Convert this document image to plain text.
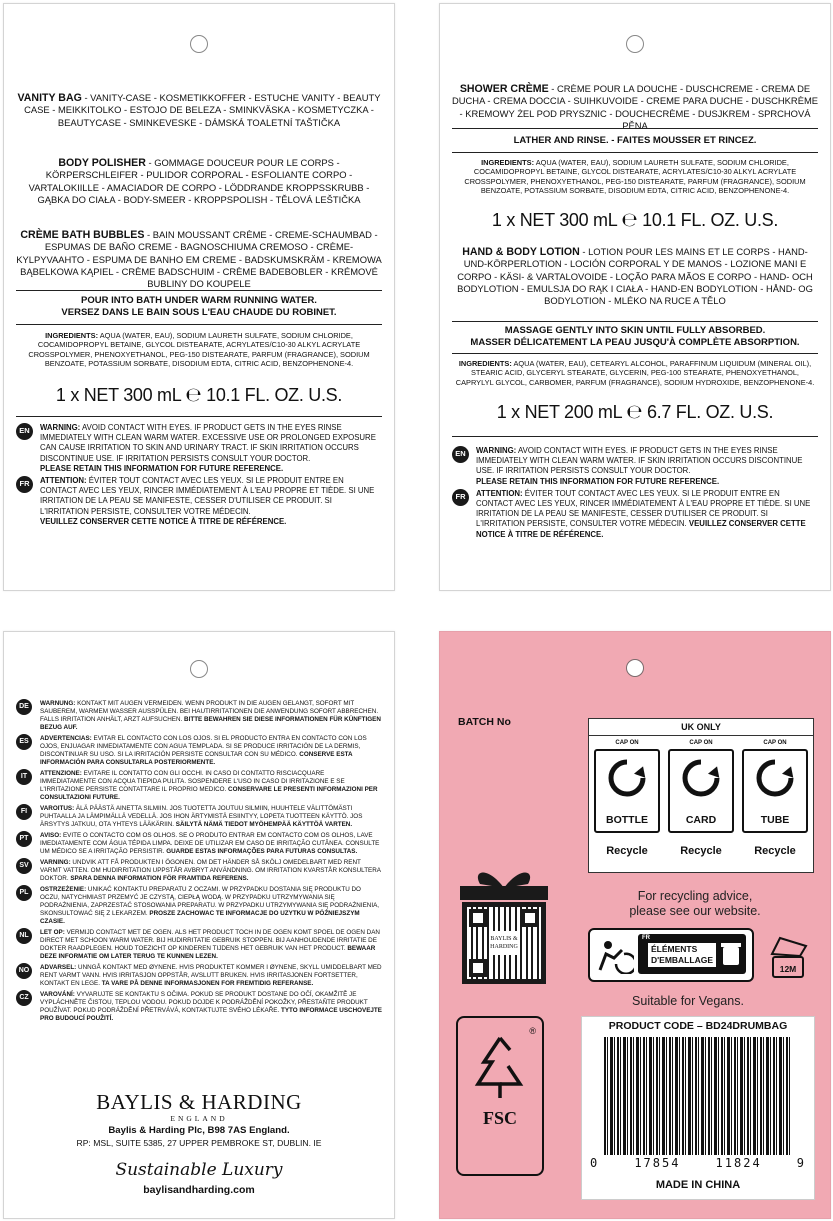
VANITY BAG - VANITY-CASE - KOSMETIKKOFFER - ESTUCHE VANITY - BEAUTY CASE - MEIKKITOLKO - ESTOJO DE BELEZA - SMINKVÄSKA - KOSMETYCZKA - BEAUTYCASE - SMINKEVESKE - DÁMSKÁ TOALETNÍ TAŠTIČKA
BODY POLISHER - GOMMAGE DOUCEUR POUR LE CORPS - KÖRPERSCHLEIFER - PULIDOR CORPORAL - ESFOLIANTE CORPO - VARTALOKIILLE - AMACIADOR DE CORPO - LÖDDRANDE KROPPSSKRUBB - GĄBKA DO CIAŁA - BODY-SMEER - KROPPSPOLISH - TĚLOVÁ LEŠTIČKA
CRÈME BATH BUBBLES - BAIN MOUSSANT CRÈME - CREME-SCHAUMBAD - ESPUMAS DE BAÑO CREME - BAGNOSCHIUMA CREMOSO - CRÈME-KYLPYVAAHTO - ESPUMA DE BANHO EM CREME - BADSKUMSKRÄM - KREMOWA BĄBELKOWA KĄPIEL - CRÈME BADSCHUIM - CRÈME BADEBOBLER - KRÉMOVÉ BUBLINY DO KOUPELE
POUR INTO BATH UNDER WARM RUNNING WATER.
VERSEZ DANS LE BAIN SOUS L'EAU CHAUDE DU ROBINET.
INGREDIENTS: AQUA (WATER, EAU), SODIUM LAURETH SULFATE, SODIUM CHLORIDE, COCAMIDOPROPYL BETAINE, GLYCOL DISTEARATE, ACRYLATES/C10-30 ALKYL ACRYLATE CROSSPOLYMER, PHENOXYETHANOL, PEG-150 DISTEARATE, PARFUM (FRAGRANCE), SODIUM BENZOATE, POTASSIUM SORBATE, DISODIUM EDTA, CITRIC ACID, BENZOPHENONE-4.
1 x NET 300 mL ℮ 10.1 FL. OZ. U.S.

EN	WARNING: AVOID CONTACT WITH EYES. IF PRODUCT GETS IN THE EYES RINSE IMMEDIATELY WITH CLEAN WARM WATER. EXCESSIVE USE OR PROLONGED EXPOSURE CAN CAUSE IRRITATION TO SKIN AND URINARY TRACT. IF SKIN IRRITATION OCCURS DISCONTINUE USE. IF IRRITATION PERSISTS CONSULT YOUR DOCTOR.
PLEASE RETAIN THIS INFORMATION FOR FUTURE REFERENCE.

FR	ATTENTION: ÉVITER TOUT CONTACT AVEC LES YEUX. SI LE PRODUIT ENTRE EN CONTACT AVEC LES YEUX, RINCER IMMÉDIATEMENT À L'EAU PROPRE ET TIÈDE. SI UNE IRRITATION DE LA PEAU SE MANIFESTE, CESSER D'UTILISER CE PRODUIT. SI L'IRRITATION PERSISTE, CONSULTER VOTRE MÉDECIN.
VEUILLEZ CONSERVER CETTE NOTICE À TITRE DE RÉFÉRENCE.

SHOWER CRÈME - CRÈME POUR LA DOUCHE - DUSCHCREME - CREMA DE DUCHA - CREMA DOCCIA - SUIHKUVOIDE - CREME PARA DUCHE - DUSCHKRÈME - KREMOWY ŻEL POD PRYSZNIC - DOUCHECRÈME - DUSJKREM - SPRCHOVÁ PĚNA
LATHER AND RINSE. - FAITES MOUSSER ET RINCEZ.
INGREDIENTS: AQUA (WATER, EAU), SODIUM LAURETH SULFATE, SODIUM CHLORIDE, COCAMIDOPROPYL BETAINE, GLYCOL DISTEARATE, ACRYLATES/C10-30 ALKYL ACRYLATE CROSSPOLYMER, PHENOXYETHANOL, PEG-150 DISTEARATE, PARFUM (FRAGRANCE), SODIUM BENZOATE, POTASSIUM SORBATE, DISODIUM EDTA, CITRIC ACID, BENZOPHENONE-4.
1 x NET 300 mL ℮ 10.1 FL. OZ. U.S.
HAND & BODY LOTION - LOTION POUR LES MAINS ET LE CORPS - HAND-UND-KÖRPERLOTION - LOCIÓN CORPORAL Y DE MANOS - LOZIONE MANI E CORPO - KÄSI- & VARTALOVOIDE - LOÇÃO PARA MÃOS E CORPO - HAND- OCH BODYLOTION - EMULSJA DO RĄK I CIAŁA - HAND-EN BODYLOTION - HÅND- OG BODYLOTION - MLÉKO NA RUCE A TĚLO
MASSAGE GENTLY INTO SKIN UNTIL FULLY ABSORBED.
MASSER DÉLICATEMENT LA PEAU JUSQU'À COMPLÈTE ABSORPTION.
INGREDIENTS: AQUA (WATER, EAU), CETEARYL ALCOHOL, PARAFFINUM LIQUIDUM (MINERAL OIL), STEARIC ACID, GLYCERYL STEARATE, GLYCERIN, PEG-100 STEARATE, PHENOXYETHANOL, CAPRYLYL GLYCOL, CARBOMER, PARFUM (FRAGRANCE), SODIUM HYDROXIDE, BENZOPHENONE-4.
1 x NET 200 mL ℮ 6.7 FL. OZ. U.S.

EN	WARNING: AVOID CONTACT WITH EYES. IF PRODUCT GETS IN THE EYES RINSE IMMEDIATELY WITH CLEAN WARM WATER. IF SKIN IRRITATION OCCURS DISCONTINUE USE. IF IRRITATION PERSISTS CONSULT YOUR DOCTOR.
PLEASE RETAIN THIS INFORMATION FOR FUTURE REFERENCE.

FR	ATTENTION: ÉVITER TOUT CONTACT AVEC LES YEUX. SI LE PRODUIT ENTRE EN CONTACT AVEC LES YEUX, RINCER IMMÉDIATEMENT À L'EAU PROPRE ET TIÈDE. SI UNE IRRITATION DE LA PEAU SE MANIFESTE, CESSER D'UTILISER CE PRODUIT. SI L'IRRITATION PERSISTE, CONSULTER VOTRE MÉDECIN. VEUILLEZ CONSERVER CETTE NOTICE À TITRE DE RÉFÉRENCE.

DE	WARNUNG: KONTAKT MIT AUGEN VERMEIDEN. WENN PRODUKT IN DIE AUGEN GELANGT, SOFORT MIT SAUBEREM, WARMEM WASSER AUSSPÜLEN. BEI HAUTIRRITATIONEN DIE ANWENDUNG SOFORT ABBRECHEN. FALLS IRRITATION ANHÄLT, ARZT AUFSUCHEN. BITTE BEWAHREN SIE DIESE INFORMATIONEN FÜR KÜNFTIGEN BEZUG AUF.

ES	ADVERTENCIAS: EVITAR EL CONTACTO CON LOS OJOS. SI EL PRODUCTO ENTRA EN CONTACTO CON LOS OJOS, ENJUAGAR INMEDIATAMENTE CON AGUA TEMPLADA. SI SE PRODUCE IRRITACIÓN DE LA DERMIS, DISCONTINUAR SU USO. SI LA IRRITACIÓN PERSISTE CONSULTAR CON SU MÉDICO. CONSERVE ESTA INFORMACIÓN PARA CONSULTARLA POSTERIORMENTE.

IT	ATTENZIONE: EVITARE IL CONTATTO CON GLI OCCHI. IN CASO DI CONTATTO RISCIACQUARE IMMEDIATAMENTE CON ACQUA TIEPIDA PULITA. SOSPENDERE L'USO IN CASO DI IRRITAZIONE E SE L'IRRITAZIONE PERSISTE CONTATTARE IL PROPRIO MEDICO. CONSERVARE LE PRESENTI INFORMAZIONI PER CONSULTAZIONI FUTURE.

FI	VAROITUS: ÄLÄ PÄÄSTÄ AINETTA SILMIIN. JOS TUOTETTA JOUTUU SILMIIN, HUUHTELE VÄLITTÖMÄSTI PUHTAALLA JA LÄMPIMÄLLÄ VEDELLÄ. JOS IHON ÄRTYMISTÄ ESIINTYY, LOPETA TUOTTEEN KÄYTTÖ. JOS ÄRSYTYS JATKUU, OTA YHTEYS LÄÄKÄRIIN. SÄILYTÄ NÄMÄ TIEDOT MYÖHEMPÄÄ KÄYTTÖÄ VARTEN.

PT	AVISO: EVITE O CONTACTO COM OS OLHOS. SE O PRODUTO ENTRAR EM CONTACTO COM OS OLHOS, LAVE IMEDIATAMENTE COM ÁGUA TÉPIDA LIMPA. DEIXE DE UTILIZAR EM CASO DE IRRITAÇÃO CUTÂNEA. CONSULTE UM MÉDICO SE A IRRITAÇÃO PERSISTIR. GUARDE ESTAS INFORMAÇÕES PARA FUTURAS CONSULTAS.

SV	VARNING: UNDVIK ATT FÅ PRODUKTEN I ÖGONEN. OM DET HÄNDER SÅ SKÖLJ OMEDELBART MED RENT VARMT VATTEN. OM HUDIRRITATION UPPSTÅR AVBRYT ANVÄNDNING. OM IRRITATION KVARSTÅR KONSULTERA DOKTOR. SPARA DENNA INFORMATION FÖR FRAMTIDA REFERENS.

PL	OSTRZEŻENIE: UNIKAĆ KONTAKTU PREPARATU Z OCZAMI. W PRZYPADKU DOSTANIA SIĘ PRODUKTU DO OCZU, NATYCHMIAST PRZEMYĆ JE CZYSTĄ, CIEPŁĄ WODĄ. W PRZYPADKU UTRZYMYWANIA SIĘ PODRAŻNIENIA, ZAPRZESTAĆ STOSOWANIA PREPARATU. W PRZYPADKU UTRZYMYWANIA SIĘ PODRAŻNIENIA, SKONSULTOWAĆ SIĘ Z LEKARZEM. PROSZE ZACHOWAC TE INFORMACJE DO UZYTKU W PÓŹNIEJSZYM CZASIE.

NL	LET OP: VERMIJD CONTACT MET DE OGEN. ALS HET PRODUCT TOCH IN DE OGEN KOMT SPOEL DE OGEN DAN DIRECT MET SCHOON WARM WATER. BIJ HUDIRRITATIE GEBRUIK STOPPEN. BIJ AANHOUDENDE IRRITATIE DE DOKTER RAADPLEGEN. HOUD TOEZICHT OP KINDEREN TIJDENS HET GEBRUIK VAN HET PRODUCT. BEWAAR DEZE INFORMATIE OM LATER TERUG TE KUNNEN LEZEN.

NO	ADVARSEL: UNNGÅ KONTAKT MED ØYNENE. HVIS PRODUKTET KOMMER I ØYNENE, SKYLL UMIDDELBART MED RENT VARMT VANN. HVIS IRRITASJON OPPSTÅR, AVSLUTT BRUKEN. HVIS IRRITASJONEN FORTSETTER, KONTAKT EN LEGE. TA VARE PÅ DENNE INFORMASJONEN FOR FREMTIDIG REFERANSE.

CZ	VAROVÁNÍ: VYVARUJTE SE KONTAKTU S OČIMA. POKUD SE PRODUKT DOSTANE DO OČÍ, OKAMŽITĚ JE VYPLÁCHNĚTE ČISTOU, TEPLOU VODOU. POKUD DOJDE K PODRÁŽDĚNÍ POKOŽKY, PŘESTAŇTE PRODUKT POUŽÍVAT. POKUD PODRÁŽDĚNÍ PŘETRVÁVÁ, KONTAKTUJTE SVÉHO LÉKAŘE. TYTO INFORMACE USCHOVEJTE PRO BUDOUCÍ POUŽITÍ.

BAYLIS & HARDING
ENGLAND
Baylis & Harding Plc, B98 7AS England.
RP: MSL, SUITE 5385, 27 UPPER PEMBROKE ST, DUBLIN. IE
Sustainable Luxury
baylisandharding.com
BATCH No	UK ONLY
CAP ON
BOTTLE
Recycle
CAP ON
CARD
Recycle
CAP ON
TUBE
Recycle
BAYLIS &
HARDING
For recycling advice,
please see our website.
FR
ÉLÉMENTS
D'EMBALLAGE
12M
Suitable for Vegans.
®
FSC
PRODUCT CODE – BD24DRUMBAG
0	17854	11824	9
MADE IN CHINA
